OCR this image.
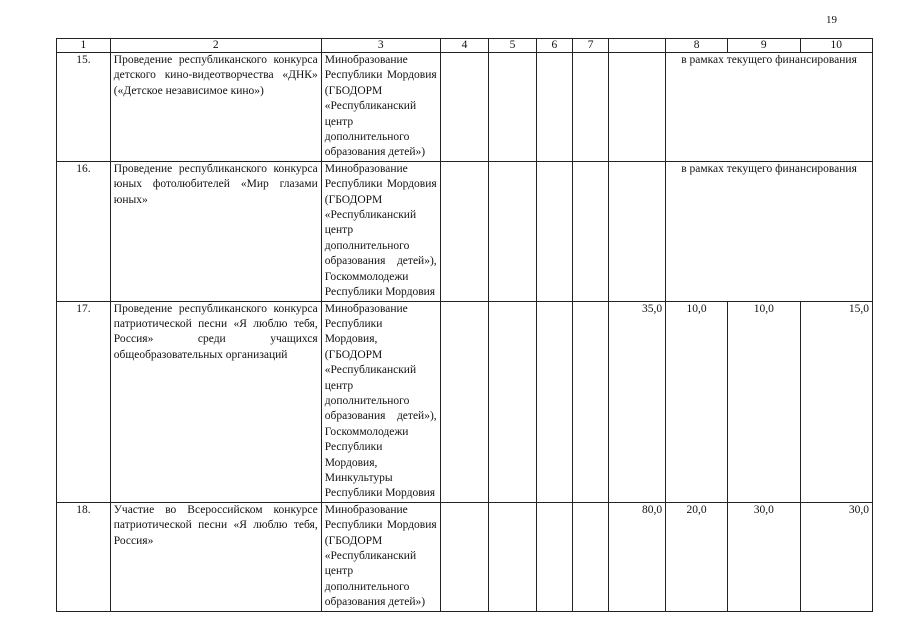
19
1	2	3	4	5	6	7		8	9	10
15.	Проведение республиканского конкурса детского кино-видеотворчества «ДНК» («Детское независимое кино»)	Минобразование Республики Мордовия (ГБОДОРМ «Республиканский центр дополнительного образования детей»)						в рамках текущего финансирования		
16.	Проведение республиканского конкурса юных фотолюбителей «Мир глазами юных»	Минобразование Республики Мордовия (ГБОДОРМ «Республиканский центр дополнительного образования детей»), Госкоммолодежи Республики Мордовия						в рамках текущего финансирования		
17.	Проведение республиканского конкурса патриотической песни «Я люблю тебя, Россия» среди учащихся общеобразовательных организаций	Минобразование Республики Мордовия, (ГБОДОРМ «Республиканский центр дополнительного образования детей»), Госкоммолодежи Республики Мордовия, Минкультуры Республики Мордовия					35,0	10,0	10,0	15,0
18.	Участие во Всероссийском конкурсе патриотической песни «Я люблю тебя, Россия»	Минобразование Республики Мордовия (ГБОДОРМ «Республиканский центр дополнительного образования детей»)					80,0	20,0	30,0	30,0
